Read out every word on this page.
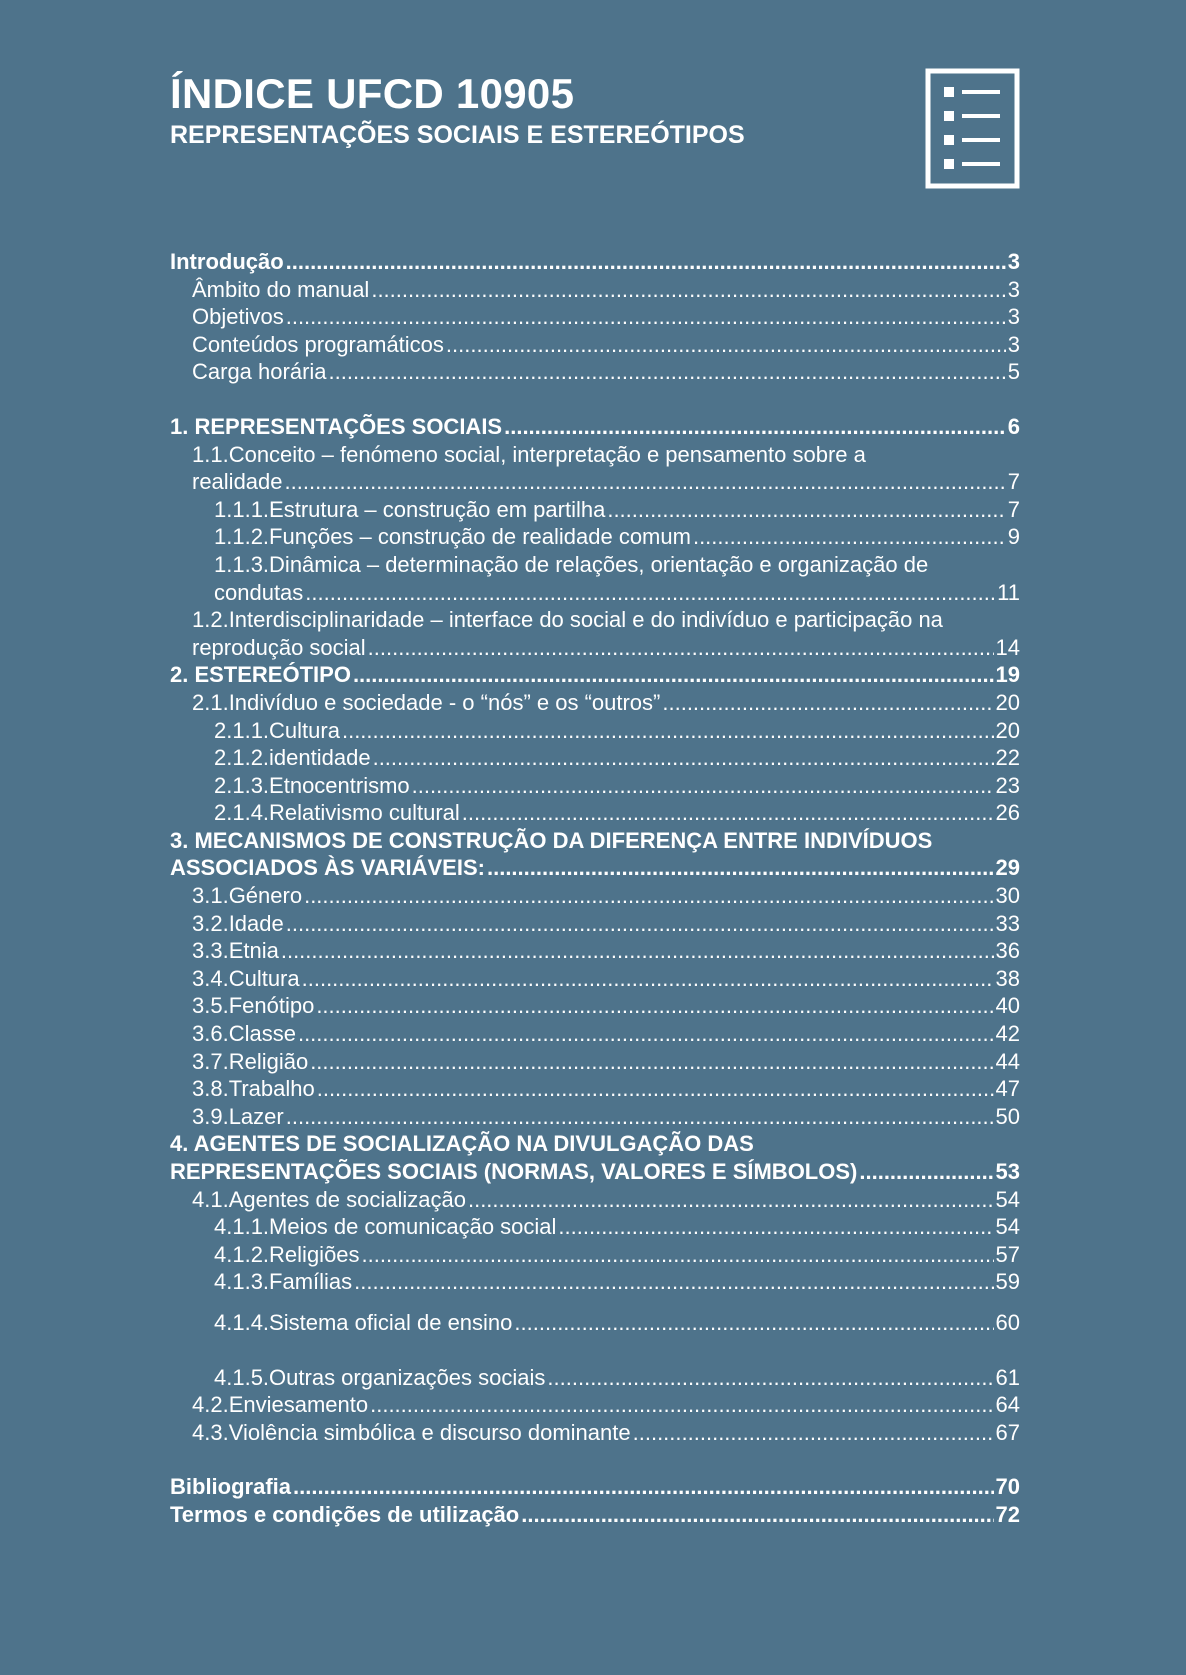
ÍNDICE UFCD 10905
REPRESENTAÇÕES SOCIAIS E ESTEREÓTIPOS
Introdução .....	3
Âmbito do manual .....	3
Objetivos .....	3
Conteúdos programáticos .....	3
Carga horária .....	5
1. REPRESENTAÇÕES SOCIAIS .....	6
1.1.Conceito – fenómeno social, interpretação e pensamento sobre a
realidade .....	7
1.1.1.Estrutura – construção em partilha .....	7
1.1.2.Funções – construção de realidade comum .....	9
1.1.3.Dinâmica – determinação de relações, orientação e organização de
condutas .....	11
1.2.Interdisciplinaridade – interface do social e do indivíduo e participação na
reprodução social .....	14
2. ESTEREÓTIPO .....	19
2.1.Indivíduo e sociedade - o “nós” e os “outros” .....	20
2.1.1.Cultura .....	20
2.1.2.identidade .....	22
2.1.3.Etnocentrismo .....	23
2.1.4.Relativismo cultural .....	26
3. MECANISMOS DE CONSTRUÇÃO DA DIFERENÇA ENTRE INDIVÍDUOS
ASSOCIADOS ÀS VARIÁVEIS: .....	29
3.1.Género .....	30
3.2.Idade .....	33
3.3.Etnia .....	36
3.4.Cultura .....	38
3.5.Fenótipo .....	40
3.6.Classe .....	42
3.7.Religião .....	44
3.8.Trabalho .....	47
3.9.Lazer .....	50
4. AGENTES DE SOCIALIZAÇÃO NA DIVULGAÇÃO DAS
REPRESENTAÇÕES SOCIAIS (NORMAS, VALORES E SÍMBOLOS) .....	53
4.1.Agentes de socialização .....	54
4.1.1.Meios de comunicação social .....	54
4.1.2.Religiões .....	57
4.1.3.Famílias .....	59
4.1.4.Sistema oficial de ensino .....	60
4.1.5.Outras organizações sociais .....	61
4.2.Enviesamento .....	64
4.3.Violência simbólica e discurso dominante .....	67
Bibliografia .....	70
Termos e condições de utilização .....	72
